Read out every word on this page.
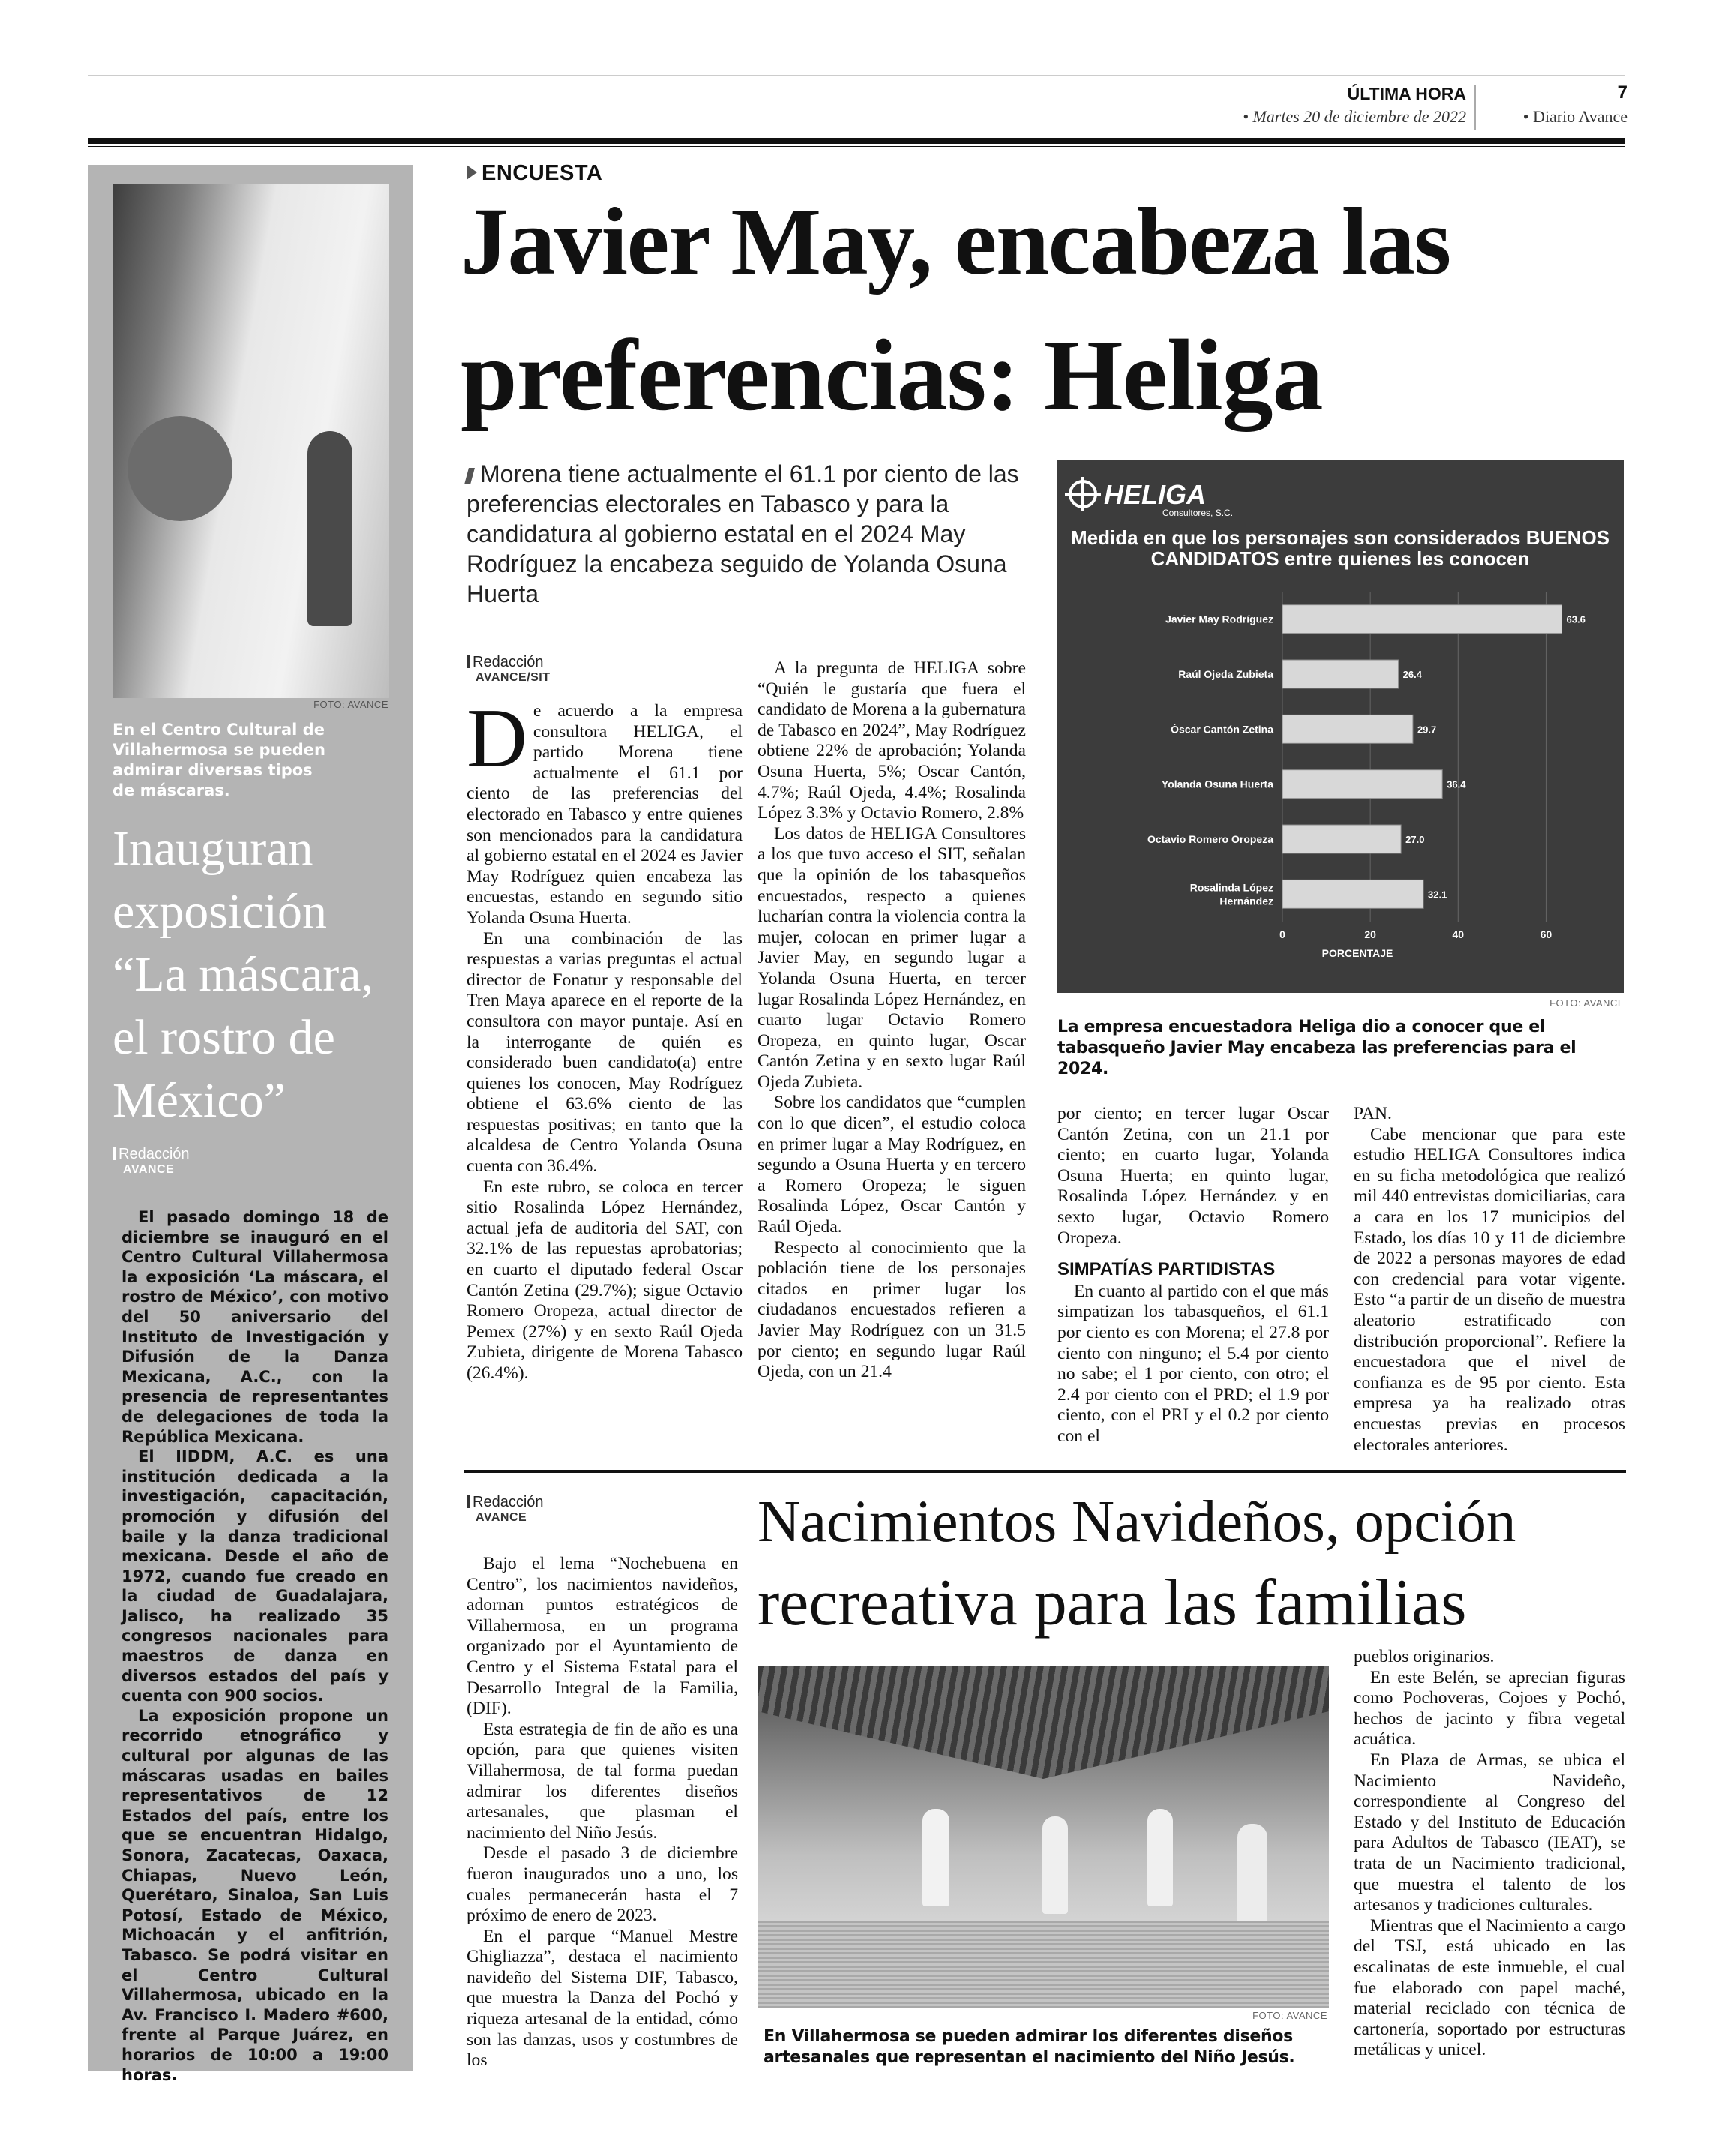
ÚLTIMA HORA
• Martes 20 de diciembre de 2022
7
• Diario Avance
FOTO: AVANCE
En el Centro Cultural de Villahermosa se pueden admirar diversas tipos de máscaras.
Inauguran exposición “La máscara, el rostro de México”
Redacción
AVANCE

El pasado domingo 18 de diciembre se inauguró en el Centro Cultural Villahermosa la exposición ‘La máscara, el rostro de México’, con motivo del 50 aniversario del Instituto de Investigación y Difusión de la Danza Mexicana, A.C., con la presencia de representantes de delegaciones de toda la República Mexicana.

El IIDDM, A.C. es una institución dedicada a la investigación, capacitación, promoción y difusión del baile y la danza tradicional mexicana. Desde el año de 1972, cuando fue creado en la ciudad de Guadalajara, Jalisco, ha realizado 35 congresos nacionales para maestros de danza en diversos estados del país y cuenta con 900 socios.

La exposición propone un recorrido etnográfico y cultural por algunas de las máscaras usadas en bailes representativos de 12 Estados del país, entre los que se encuentran Hidalgo, Sonora, Zacatecas, Oaxaca, Chiapas, Nuevo León, Querétaro, Sinaloa, San Luis Potosí, Estado de México, Michoacán y el anfitrión, Tabasco. Se podrá visitar en el Centro Cultural Villahermosa, ubicado en la Av. Francisco I. Madero #600, frente al Parque Juárez, en horarios de 10:00 a 19:00 horas.

ENCUESTA
Javier May, encabeza las
preferencias: Heliga
Morena tiene actualmente el 61.1 por ciento de las preferencias electorales en Tabasco y para la candidatura al gobierno estatal en el 2024 May Rodríguez la encabeza seguido de Yolanda Osuna Huerta
Redacción
AVANCE/SIT
D e acuerdo a la empresa consultora HELIGA, el partido Morena tiene actualmente el 61.1 por ciento de las preferencias del electorado en Tabasco y entre quienes son mencionados para la candidatura al gobierno estatal en el 2024 es Javier May Rodríguez quien encabeza las encuestas, estando en segundo sitio Yolanda Osuna Huerta.

En una combinación de las respuestas a varias preguntas el actual director de Fonatur y responsable del Tren Maya aparece en el reporte de la consultora con mayor puntaje. Así en la interrogante de quién es considerado buen candidato(a) entre quienes los conocen, May Rodríguez obtiene el 63.6% ciento de las respuestas positivas; en tanto que la alcaldesa de Centro Yolanda Osuna cuenta con 36.4%.

En este rubro, se coloca en tercer sitio Rosalinda López Hernández, actual jefa de auditoria del SAT, con 32.1% de las repuestas aprobatorias; en cuarto el diputado federal Oscar Cantón Zetina (29.7%); sigue Octavio Romero Oropeza, actual director de Pemex (27%) y en sexto Raúl Ojeda Zubieta, dirigente de Morena Tabasco (26.4%).

A la pregunta de HELIGA sobre “Quién le gustaría que fuera el candidato de Morena a la gubernatura de Tabasco en 2024”, May Rodríguez obtiene 22% de aprobación; Yolanda Osuna Huerta, 5%; Oscar Cantón, 4.7%; Raúl Ojeda, 4.4%; Rosalinda López 3.3% y Octavio Romero, 2.8%

Los datos de HELIGA Consultores a los que tuvo acceso el SIT, señalan que la opinión de los tabasqueños encuestados, respecto a quienes lucharían contra la violencia contra la mujer, colocan en primer lugar a Javier May, en segundo lugar a Yolanda Osuna Huerta, en tercer lugar Rosalinda López Hernández, en cuarto lugar Octavio Romero Oropeza, en quinto lugar, Oscar Cantón Zetina y en sexto lugar Raúl Ojeda Zubieta.

Sobre los candidatos que “cumplen con lo que dicen”, el estudio coloca en primer lugar a May Rodríguez, en segundo a Osuna Huerta y en tercero a Romero Oropeza; le siguen Rosalinda López, Oscar Cantón y Raúl Ojeda.

Respecto al conocimiento que la población tiene de los personajes citados en primer lugar los ciudadanos encuestados refieren a Javier May Rodríguez con un 31.5 por ciento; en segundo lugar Raúl Ojeda, con un 21.4

HELIGA
Consultores, S.C.
Medida en que los personajes son considerados BUENOS
CANDIDATOS entre quienes les conocen
63.6
Javier May Rodríguez
26.4
Raúl Ojeda Zubieta
29.7
Óscar Cantón Zetina
36.4
Yolanda Osuna Huerta
27.0
Octavio Romero Oropeza
32.1
Rosalinda López Hernández
0	20	40	60
PORCENTAJE
FOTO: AVANCE
La empresa encuestadora Heliga dio a conocer que el tabasqueño Javier May encabeza las preferencias para el 2024.

por ciento; en tercer lugar Oscar Cantón Zetina, con un 21.1 por ciento; en cuarto lugar, Yolanda Osuna Huerta; en quinto lugar, Rosalinda López Hernández y en sexto lugar, Octavio Romero Oropeza.

SIMPATÍAS PARTIDISTAS

En cuanto al partido con el que más simpatizan los tabasqueños, el 61.1 por ciento es con Morena; el 27.8 por ciento con ninguno; el 5.4 por ciento no sabe; el 1 por ciento, con otro; el 2.4 por ciento con el PRD; el 1.9 por ciento, con el PRI y el 0.2 por ciento con el

PAN.

Cabe mencionar que para este estudio HELIGA Consultores indica en su ficha metodológica que realizó mil 440 entrevistas domiciliarias, cara a cara en los 17 municipios del Estado, los días 10 y 11 de diciembre de 2022 a personas mayores de edad con credencial para votar vigente. Esto “a partir de un diseño de muestra aleatorio estratificado con distribución proporcional”. Refiere la encuestadora que el nivel de confianza es de 95 por ciento. Esta empresa ya ha realizado otras encuestas previas en procesos electorales anteriores.

Redacción
AVANCE	Nacimientos Navideños, opción
recreativa para las familias

Bajo el lema “Nochebuena en Centro”, los nacimientos navideños, adornan puntos estratégicos de Villahermosa, en un programa organizado por el Ayuntamiento de Centro y el Sistema Estatal para el Desarrollo Integral de la Familia, (DIF).

Esta estrategia de fin de año es una opción, para que quienes visiten Villahermosa, de tal forma puedan admirar los diferentes diseños artesanales, que plasman el nacimiento del Niño Jesús.

Desde el pasado 3 de diciembre fueron inaugurados uno a uno, los cuales permanecerán hasta el 7 próximo de enero de 2023.

En el parque “Manuel Mestre Ghigliazza”, destaca el nacimiento navideño del Sistema DIF, Tabasco, que muestra la Danza del Pochó y riqueza artesanal de la entidad, cómo son las danzas, usos y costumbres de los

FOTO: AVANCE
En Villahermosa se pueden admirar los diferentes diseños artesanales que representan el nacimiento del Niño Jesús.

pueblos originarios.

En este Belén, se aprecian figuras como Pochoveras, Cojoes y Pochó, hechos de jacinto y fibra vegetal acuática.

En Plaza de Armas, se ubica el Nacimiento Navideño, correspondiente al Congreso del Estado y del Instituto de Educación para Adultos de Tabasco (IEAT), se trata de un Nacimiento tradicional, que muestra el talento de los artesanos y tradiciones culturales.

Mientras que el Nacimiento a cargo del TSJ, está ubicado en las escalinatas de este inmueble, el cual fue elaborado con papel maché, material reciclado con técnica de cartonería, soportado por estructuras metálicas y unicel.
